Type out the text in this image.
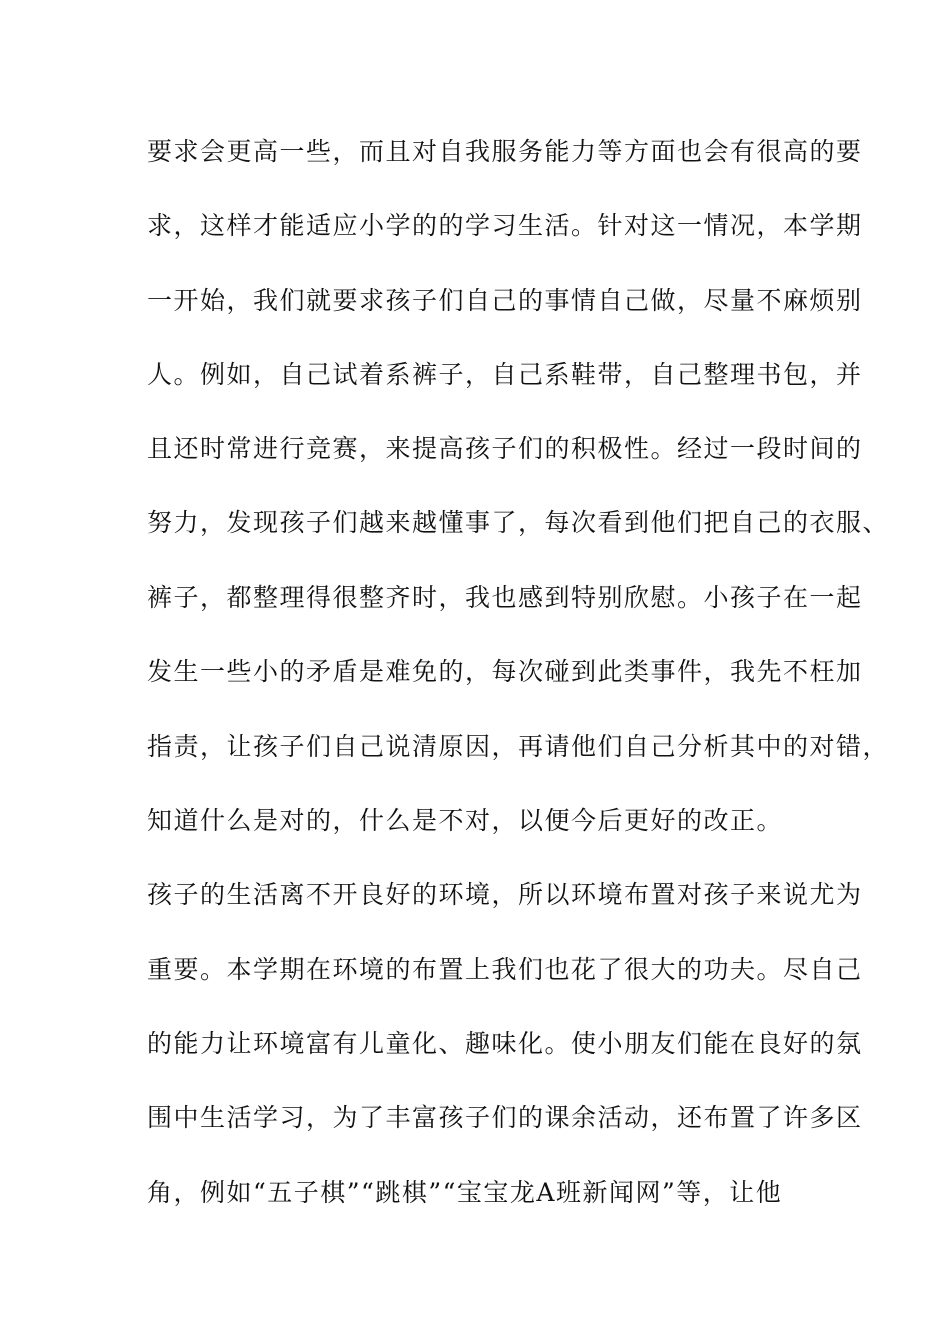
要求会更高一些，而且对自我服务能力等方面也会有很高的要
求，这样才能适应小学的的学习生活。针对这一情况，本学期
一开始，我们就要求孩子们自己的事情自己做，尽量不麻烦别
人。例如，自己试着系裤子，自己系鞋带，自己整理书包，并
且还时常进行竞赛，来提高孩子们的积极性。经过一段时间的
努力，发现孩子们越来越懂事了，每次看到他们把自己的衣服、
裤子，都整理得很整齐时，我也感到特别欣慰。小孩子在一起
发生一些小的矛盾是难免的，每次碰到此类事件，我先不枉加
指责，让孩子们自己说清原因，再请他们自己分析其中的对错，
知道什么是对的，什么是不对，以便今后更好的改正。
孩子的生活离不开良好的环境，所以环境布置对孩子来说尤为
重要。本学期在环境的布置上我们也花了很大的功夫。尽自己
的能力让环境富有儿童化、趣味化。使小朋友们能在良好的氛
围中生活学习，为了丰富孩子们的课余活动，还布置了许多区
角，例如“五子棋”“跳棋”“宝宝龙A班新闻网”等，让他
